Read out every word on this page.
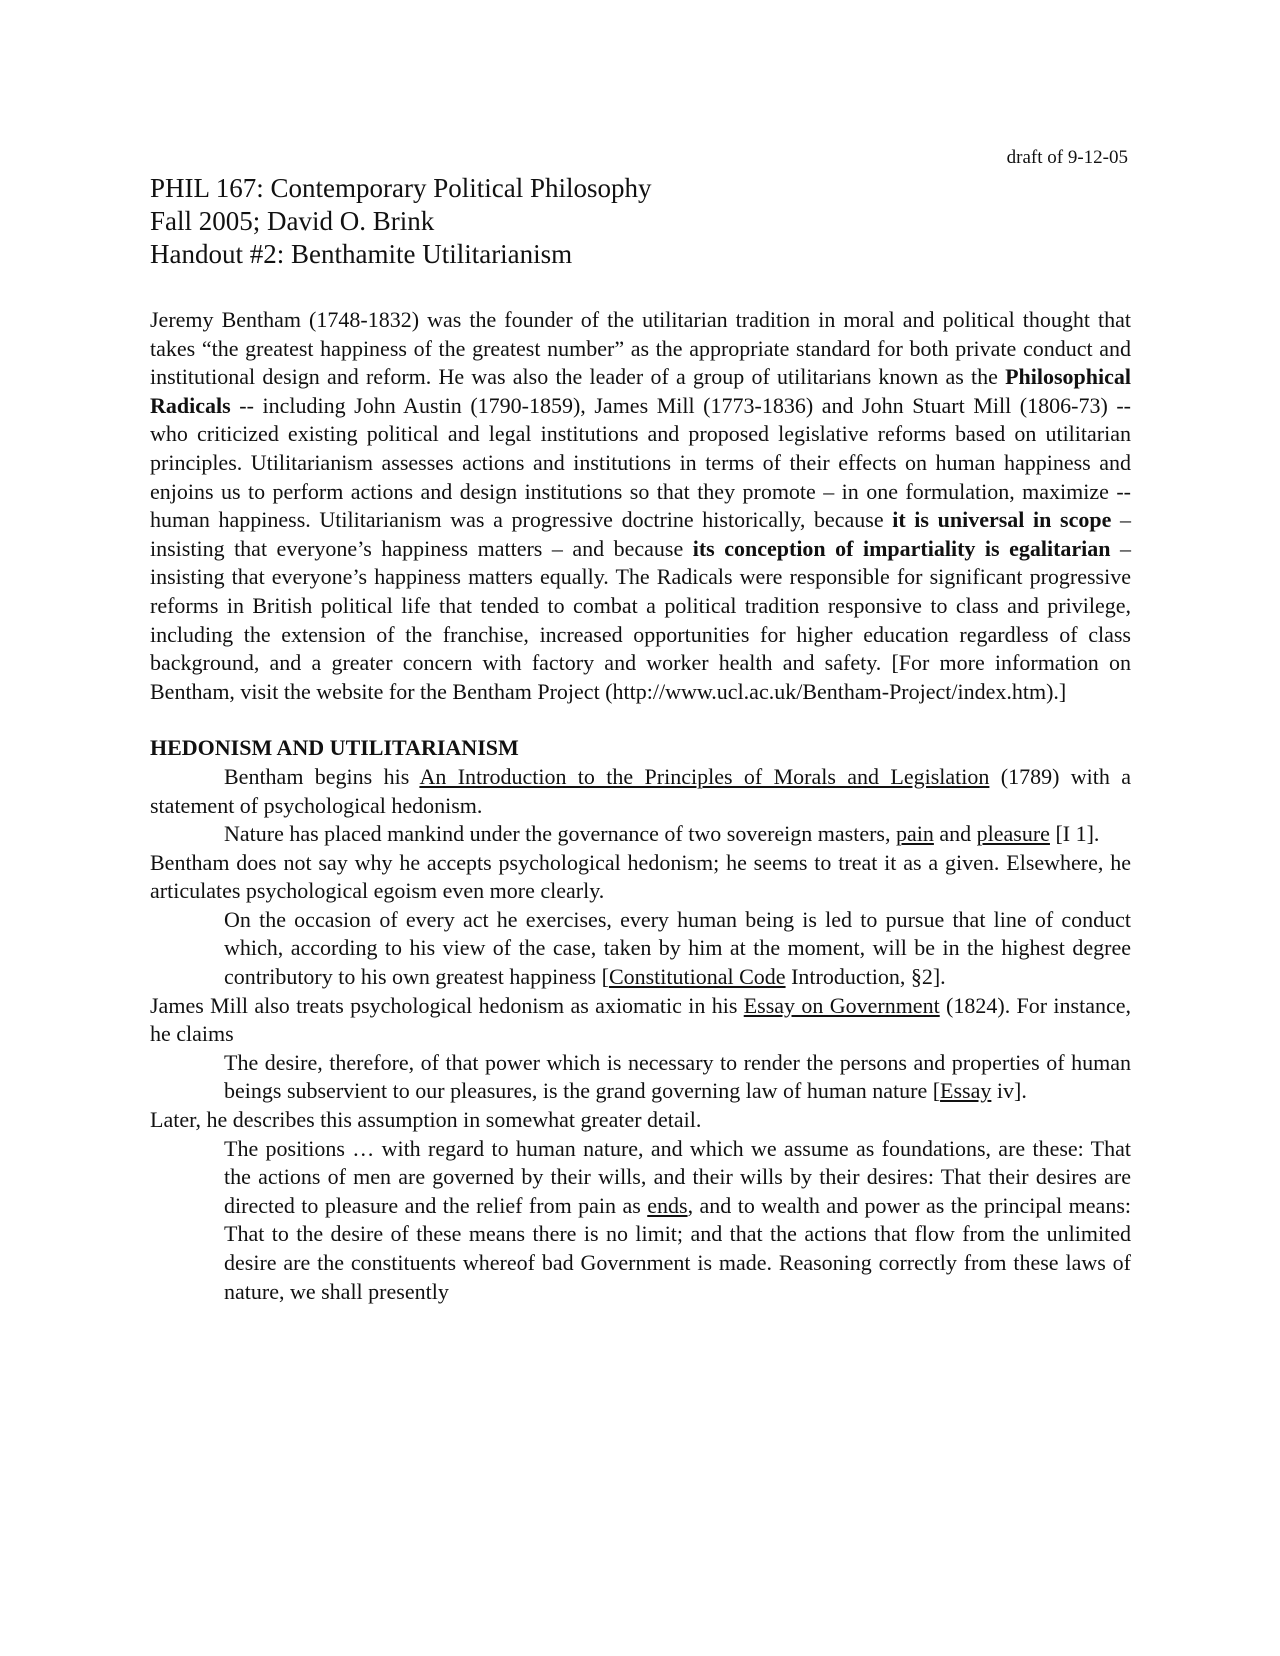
draft of 9-12-05
PHIL 167: Contemporary Political Philosophy
Fall 2005; David O. Brink
Handout #2: Benthamite Utilitarianism

Jeremy Bentham (1748-1832) was the founder of the utilitarian tradition in moral and political thought that takes “the greatest happiness of the greatest number” as the appropriate standard for both private conduct and institutional design and reform. He was also the leader of a group of utilitarians known as the Philosophical Radicals -- including John Austin (1790-1859), James Mill (1773-1836) and John Stuart Mill (1806-73) -- who criticized existing political and legal institutions and proposed legislative reforms based on utilitarian principles. Utilitarianism assesses actions and institutions in terms of their effects on human happiness and enjoins us to perform actions and design institutions so that they promote – in one formulation, maximize -- human happiness. Utilitarianism was a progressive doctrine historically, because it is universal in scope – insisting that everyone’s happiness matters – and because its conception of impartiality is egalitarian – insisting that everyone’s happiness matters equally. The Radicals were responsible for significant progressive reforms in British political life that tended to combat a political tradition responsive to class and privilege, including the extension of the franchise, increased opportunities for higher education regardless of class background, and a greater concern with factory and worker health and safety. [For more information on Bentham, visit the website for the Bentham Project (http://www.ucl.ac.uk/Bentham-Project/index.htm).]

HEDONISM AND UTILITARIANISM

Bentham begins his An Introduction to the Principles of Morals and Legislation (1789) with a statement of psychological hedonism.

Nature has placed mankind under the governance of two sovereign masters, pain and pleasure [I 1].

Bentham does not say why he accepts psychological hedonism; he seems to treat it as a given. Elsewhere, he articulates psychological egoism even more clearly.

On the occasion of every act he exercises, every human being is led to pursue that line of conduct which, according to his view of the case, taken by him at the moment, will be in the highest degree contributory to his own greatest happiness [Constitutional Code Introduction, §2].

James Mill also treats psychological hedonism as axiomatic in his Essay on Government (1824). For instance, he claims

The desire, therefore, of that power which is necessary to render the persons and properties of human beings subservient to our pleasures, is the grand governing law of human nature [Essay iv].

Later, he describes this assumption in somewhat greater detail.

The positions … with regard to human nature, and which we assume as foundations, are these: That the actions of men are governed by their wills, and their wills by their desires: That their desires are directed to pleasure and the relief from pain as ends, and to wealth and power as the principal means: That to the desire of these means there is no limit; and that the actions that flow from the unlimited desire are the constituents whereof bad Government is made. Reasoning correctly from these laws of nature, we shall presently
